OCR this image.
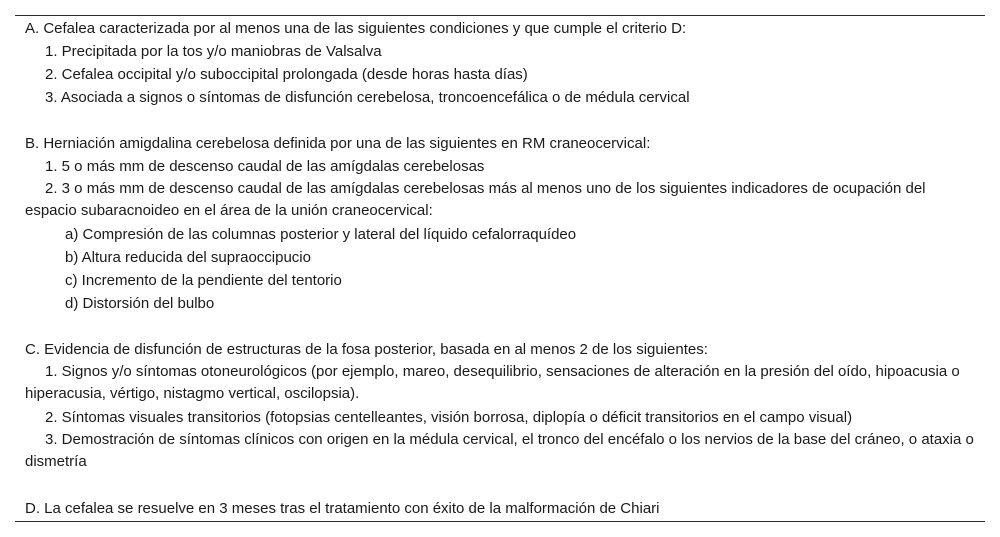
A. Cefalea caracterizada por al menos una de las siguientes condiciones y que cumple el criterio D:
1. Precipitada por la tos y/o maniobras de Valsalva
2. Cefalea occipital y/o suboccipital prolongada (desde horas hasta días)
3. Asociada a signos o síntomas de disfunción cerebelosa, troncoencefálica o de médula cervical
B. Herniación amigdalina cerebelosa definida por una de las siguientes en RM craneocervical:
1. 5 o más mm de descenso caudal de las amígdalas cerebelosas
2. 3 o más mm de descenso caudal de las amígdalas cerebelosas más al menos uno de los siguientes indicadores de ocupación del espacio subaracnoideo en el área de la unión craneocervical:
a) Compresión de las columnas posterior y lateral del líquido cefalorraquídeo
b) Altura reducida del supraoccipucio
c) Incremento de la pendiente del tentorio
d) Distorsión del bulbo
C. Evidencia de disfunción de estructuras de la fosa posterior, basada en al menos 2 de los siguientes:
1. Signos y/o síntomas otoneurológicos (por ejemplo, mareo, desequilibrio, sensaciones de alteración en la presión del oído, hipoacusia o hiperacusia, vértigo, nistagmo vertical, oscilopsia).
2. Síntomas visuales transitorios (fotopsias centelleantes, visión borrosa, diplopía o déficit transitorios en el campo visual)
3. Demostración de síntomas clínicos con origen en la médula cervical, el tronco del encéfalo o los nervios de la base del cráneo, o ataxia o dismetría
D. La cefalea se resuelve en 3 meses tras el tratamiento con éxito de la malformación de Chiari
